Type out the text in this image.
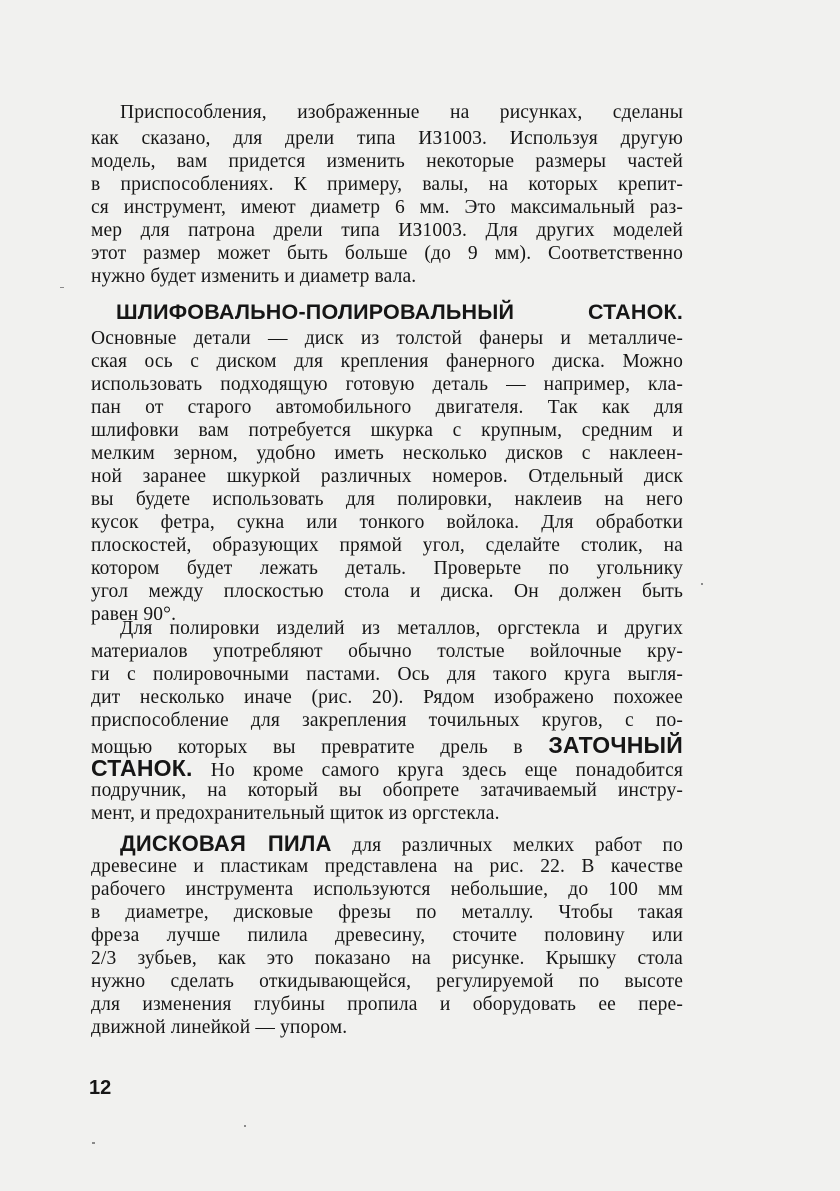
Приспособления, изображенные на рисунках, сделаны
как сказано, для дрели типа ИЗ1003. Используя другую
модель, вам придется изменить некоторые размеры частей
в приспособлениях. К примеру, валы, на которых крепит-
ся инструмент, имеют диаметр 6 мм. Это максимальный раз-
мер для патрона дрели типа ИЗ1003. Для других моделей
этот размер может быть больше (до 9 мм). Соответственно
нужно будет изменить и диаметр вала.
ШЛИФОВАЛЬНО-ПОЛИРОВАЛЬНЫЙ СТАНОК.
Основные детали — диск из толстой фанеры и металличе-
ская ось с диском для крепления фанерного диска. Можно
использовать подходящую готовую деталь — например, кла-
пан от старого автомобильного двигателя. Так как для
шлифовки вам потребуется шкурка с крупным, средним и
мелким зерном, удобно иметь несколько дисков с наклеен-
ной заранее шкуркой различных номеров. Отдельный диск
вы будете использовать для полировки, наклеив на него
кусок фетра, сукна или тонкого войлока. Для обработки
плоскостей, образующих прямой угол, сделайте столик, на
котором будет лежать деталь. Проверьте по угольнику
угол между плоскостью стола и диска. Он должен быть
равен 90°.
Для полировки изделий из металлов, оргстекла и других
материалов употребляют обычно толстые войлочные кру-
ги с полировочными пастами. Ось для такого круга выгля-
дит несколько иначе (рис. 20). Рядом изображено похожее
приспособление для закрепления точильных кругов, с по-
мощью которых вы превратите дрель в ЗАТОЧНЫЙ
СТАНОК. Но кроме самого круга здесь еще понадобится
подручник, на который вы обопрете затачиваемый инстру-
мент, и предохранительный щиток из оргстекла.
ДИСКОВАЯ ПИЛА для различных мелких работ по
древесине и пластикам представлена на рис. 22. В качестве
рабочего инструмента используются небольшие, до 100 мм
в диаметре, дисковые фрезы по металлу. Чтобы такая
фреза лучше пилила древесину, сточите половину или
2/3 зубьев, как это показано на рисунке. Крышку стола
нужно сделать откидывающейся, регулируемой по высоте
для изменения глубины пропила и оборудовать ее пере-
движной линейкой — упором.
12
